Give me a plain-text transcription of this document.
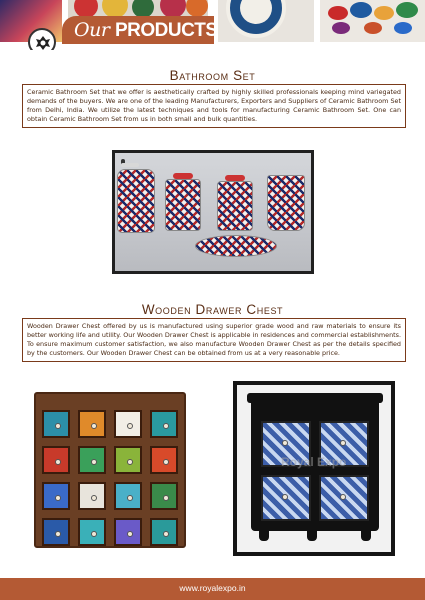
Our PRODUCTS
Bathroom Set
Ceramic Bathroom Set that we offer is aesthetically crafted by highly skilled professionals keeping mind variegated demands of the buyers. We are one of the leading Manufacturers, Exporters and Suppliers of Ceramic Bathroom Set from Delhi, India. We utilize the latest techniques and tools for manufacturing Ceramic Bathroom Set. One can obtain Ceramic Bathroom Set from us in both small and bulk quantities.
Wooden Drawer Chest
Wooden Drawer Chest offered by us is manufactured using superior grade wood and raw materials to ensure its better working life and utility. Our Wooden Drawer Chest is applicable in residences and commercial establishments. To ensure maximum customer satisfaction, we also manufacture Wooden Drawer Chest as per the details specified by the customers. Our Wooden Drawer Chest can be obtained from us at a very reasonable price.
Royal Expo
www.royalexpo.in
